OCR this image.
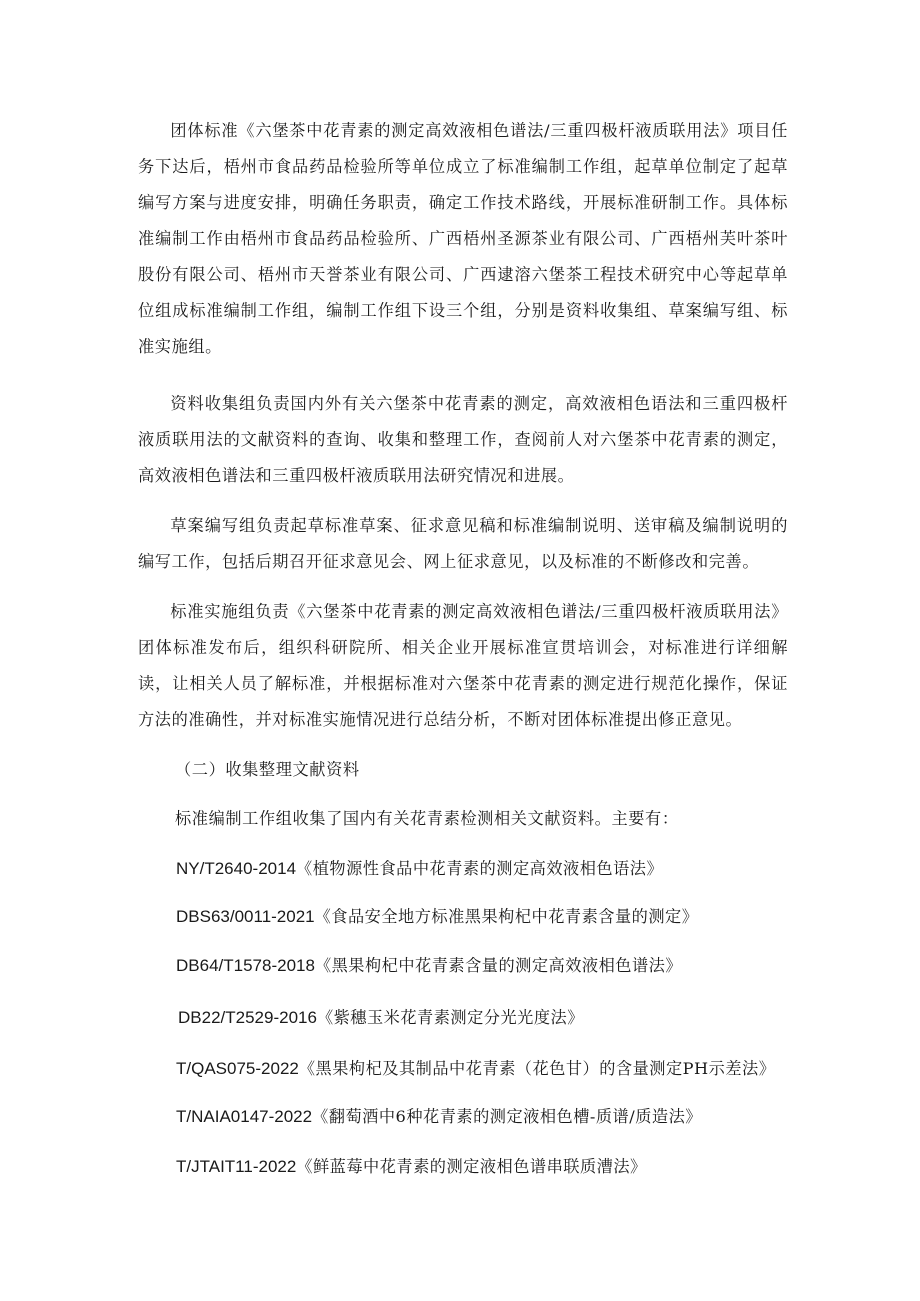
团体标准《六堡茶中花青素的测定高效液相色谱法/三重四极杆液质联用法》项目任务下达后，梧州市食品药品检验所等单位成立了标准编制工作组，起草单位制定了起草编写方案与进度安排，明确任务职责，确定工作技术路线，开展标准研制工作。具体标准编制工作由梧州市食品药品检验所、广西梧州圣源茶业有限公司、广西梧州芙叶茶叶股份有限公司、梧州市天誉茶业有限公司、广西逮溶六堡茶工程技术研究中心等起草单位组成标准编制工作组，编制工作组下设三个组，分别是资料收集组、草案编写组、标准实施组。

资料收集组负责国内外有关六堡茶中花青素的测定，高效液相色语法和三重四极杆液质联用法的文献资料的查询、收集和整理工作，查阅前人对六堡茶中花青素的测定，高效液相色谱法和三重四极杆液质联用法研究情况和进展。

草案编写组负责起草标准草案、征求意见稿和标准编制说明、送审稿及编制说明的编写工作，包括后期召开征求意见会、网上征求意见，以及标准的不断修改和完善。

标准实施组负责《六堡茶中花青素的测定高效液相色谱法/三重四极杆液质联用法》团体标准发布后，组织科研院所、相关企业开展标准宣贯培训会，对标准进行详细解读，让相关人员了解标准，并根据标准对六堡茶中花青素的测定进行规范化操作，保证方法的准确性，并对标准实施情况进行总结分析，不断对团体标准提出修正意见。

（二）收集整理文献资料

标准编制工作组收集了国内有关花青素检测相关文献资料。主要有：

NY/T2640-2014《植物源性食品中花青素的测定高效液相色语法》

DBS63/0011-2021《食品安全地方标准黑果枸杞中花青素含量的测定》

DB64/T1578-2018《黑果枸杞中花青素含量的测定高效液相色谱法》

DB22/T2529-2016《紫穗玉米花青素测定分光光度法》

T/QAS075-2022《黑果枸杞及其制品中花青素（花色甘）的含量测定PH示差法》

T/NAIA0147-2022《翻萄酒中6种花青素的测定液相色槽-质谱/质造法》

T/JTAIT11-2022《鲜蓝莓中花青素的测定液相色谱串联质漕法》
